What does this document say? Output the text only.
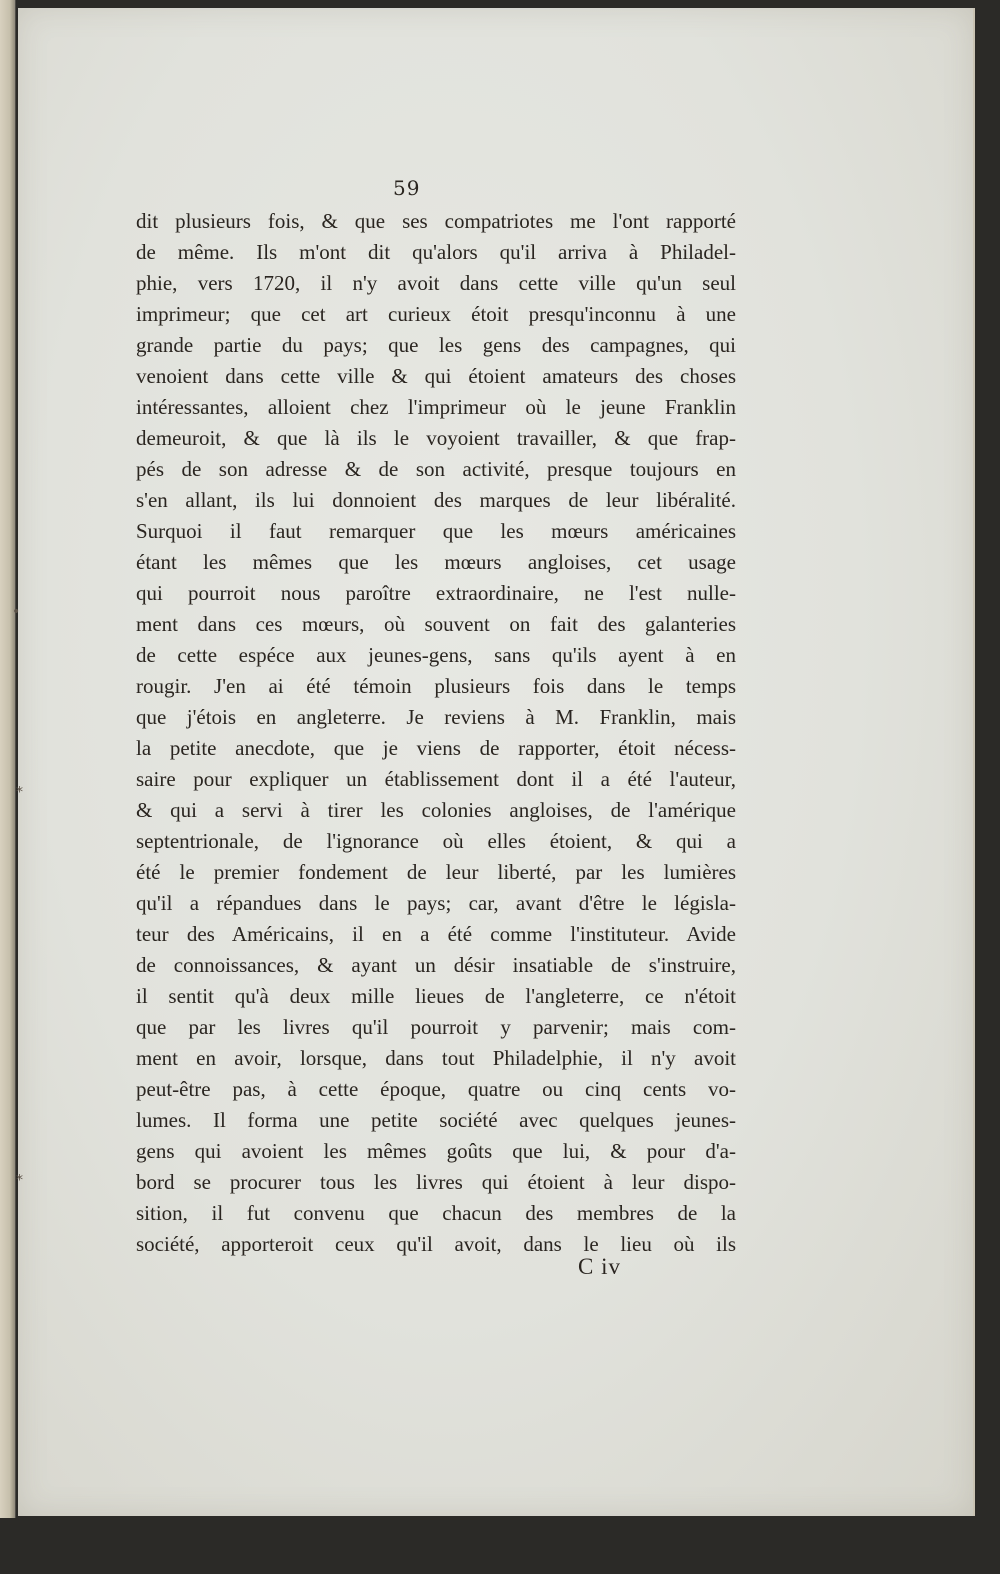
59
dit plusieurs fois, & que ses compatriotes me l'ont rapporté
de même. Ils m'ont dit qu'alors qu'il arriva à Philadel-
phie, vers 1720, il n'y avoit dans cette ville qu'un seul
imprimeur; que cet art curieux étoit presqu'inconnu à une
grande partie du pays; que les gens des campagnes, qui
venoient dans cette ville & qui étoient amateurs des choses
intéressantes, alloient chez l'imprimeur où le jeune Franklin
demeuroit, & que là ils le voyoient travailler, & que frap-
pés de son adresse & de son activité, presque toujours en
s'en allant, ils lui donnoient des marques de leur libéralité.
Surquoi il faut remarquer que les mœurs américaines
étant les mêmes que les mœurs angloises, cet usage
qui pourroit nous paroître extraordinaire, ne l'est nulle-
ment dans ces mœurs, où souvent on fait des galanteries
de cette espéce aux jeunes-gens, sans qu'ils ayent à en
rougir. J'en ai été témoin plusieurs fois dans le temps
que j'étois en angleterre. Je reviens à M. Franklin, mais
la petite anecdote, que je viens de rapporter, étoit nécess-
saire pour expliquer un établissement dont il a été l'auteur,
& qui a servi à tirer les colonies angloises, de l'amérique
septentrionale, de l'ignorance où elles étoient, & qui a
été le premier fondement de leur liberté, par les lumières
qu'il a répandues dans le pays; car, avant d'être le législa-
teur des Américains, il en a été comme l'instituteur. Avide
de connoissances, & ayant un désir insatiable de s'instruire,
il sentit qu'à deux mille lieues de l'angleterre, ce n'étoit
que par les livres qu'il pourroit y parvenir; mais com-
ment en avoir, lorsque, dans tout Philadelphie, il n'y avoit
peut-être pas, à cette époque, quatre ou cinq cents vo-
lumes. Il forma une petite société avec quelques jeunes-
gens qui avoient les mêmes goûts que lui, & pour d'a-
bord se procurer tous les livres qui étoient à leur dispo-
sition, il fut convenu que chacun des membres de la
société, apporteroit ceux qu'il avoit, dans le lieu où ils
C iv
•
⁎
⁎
